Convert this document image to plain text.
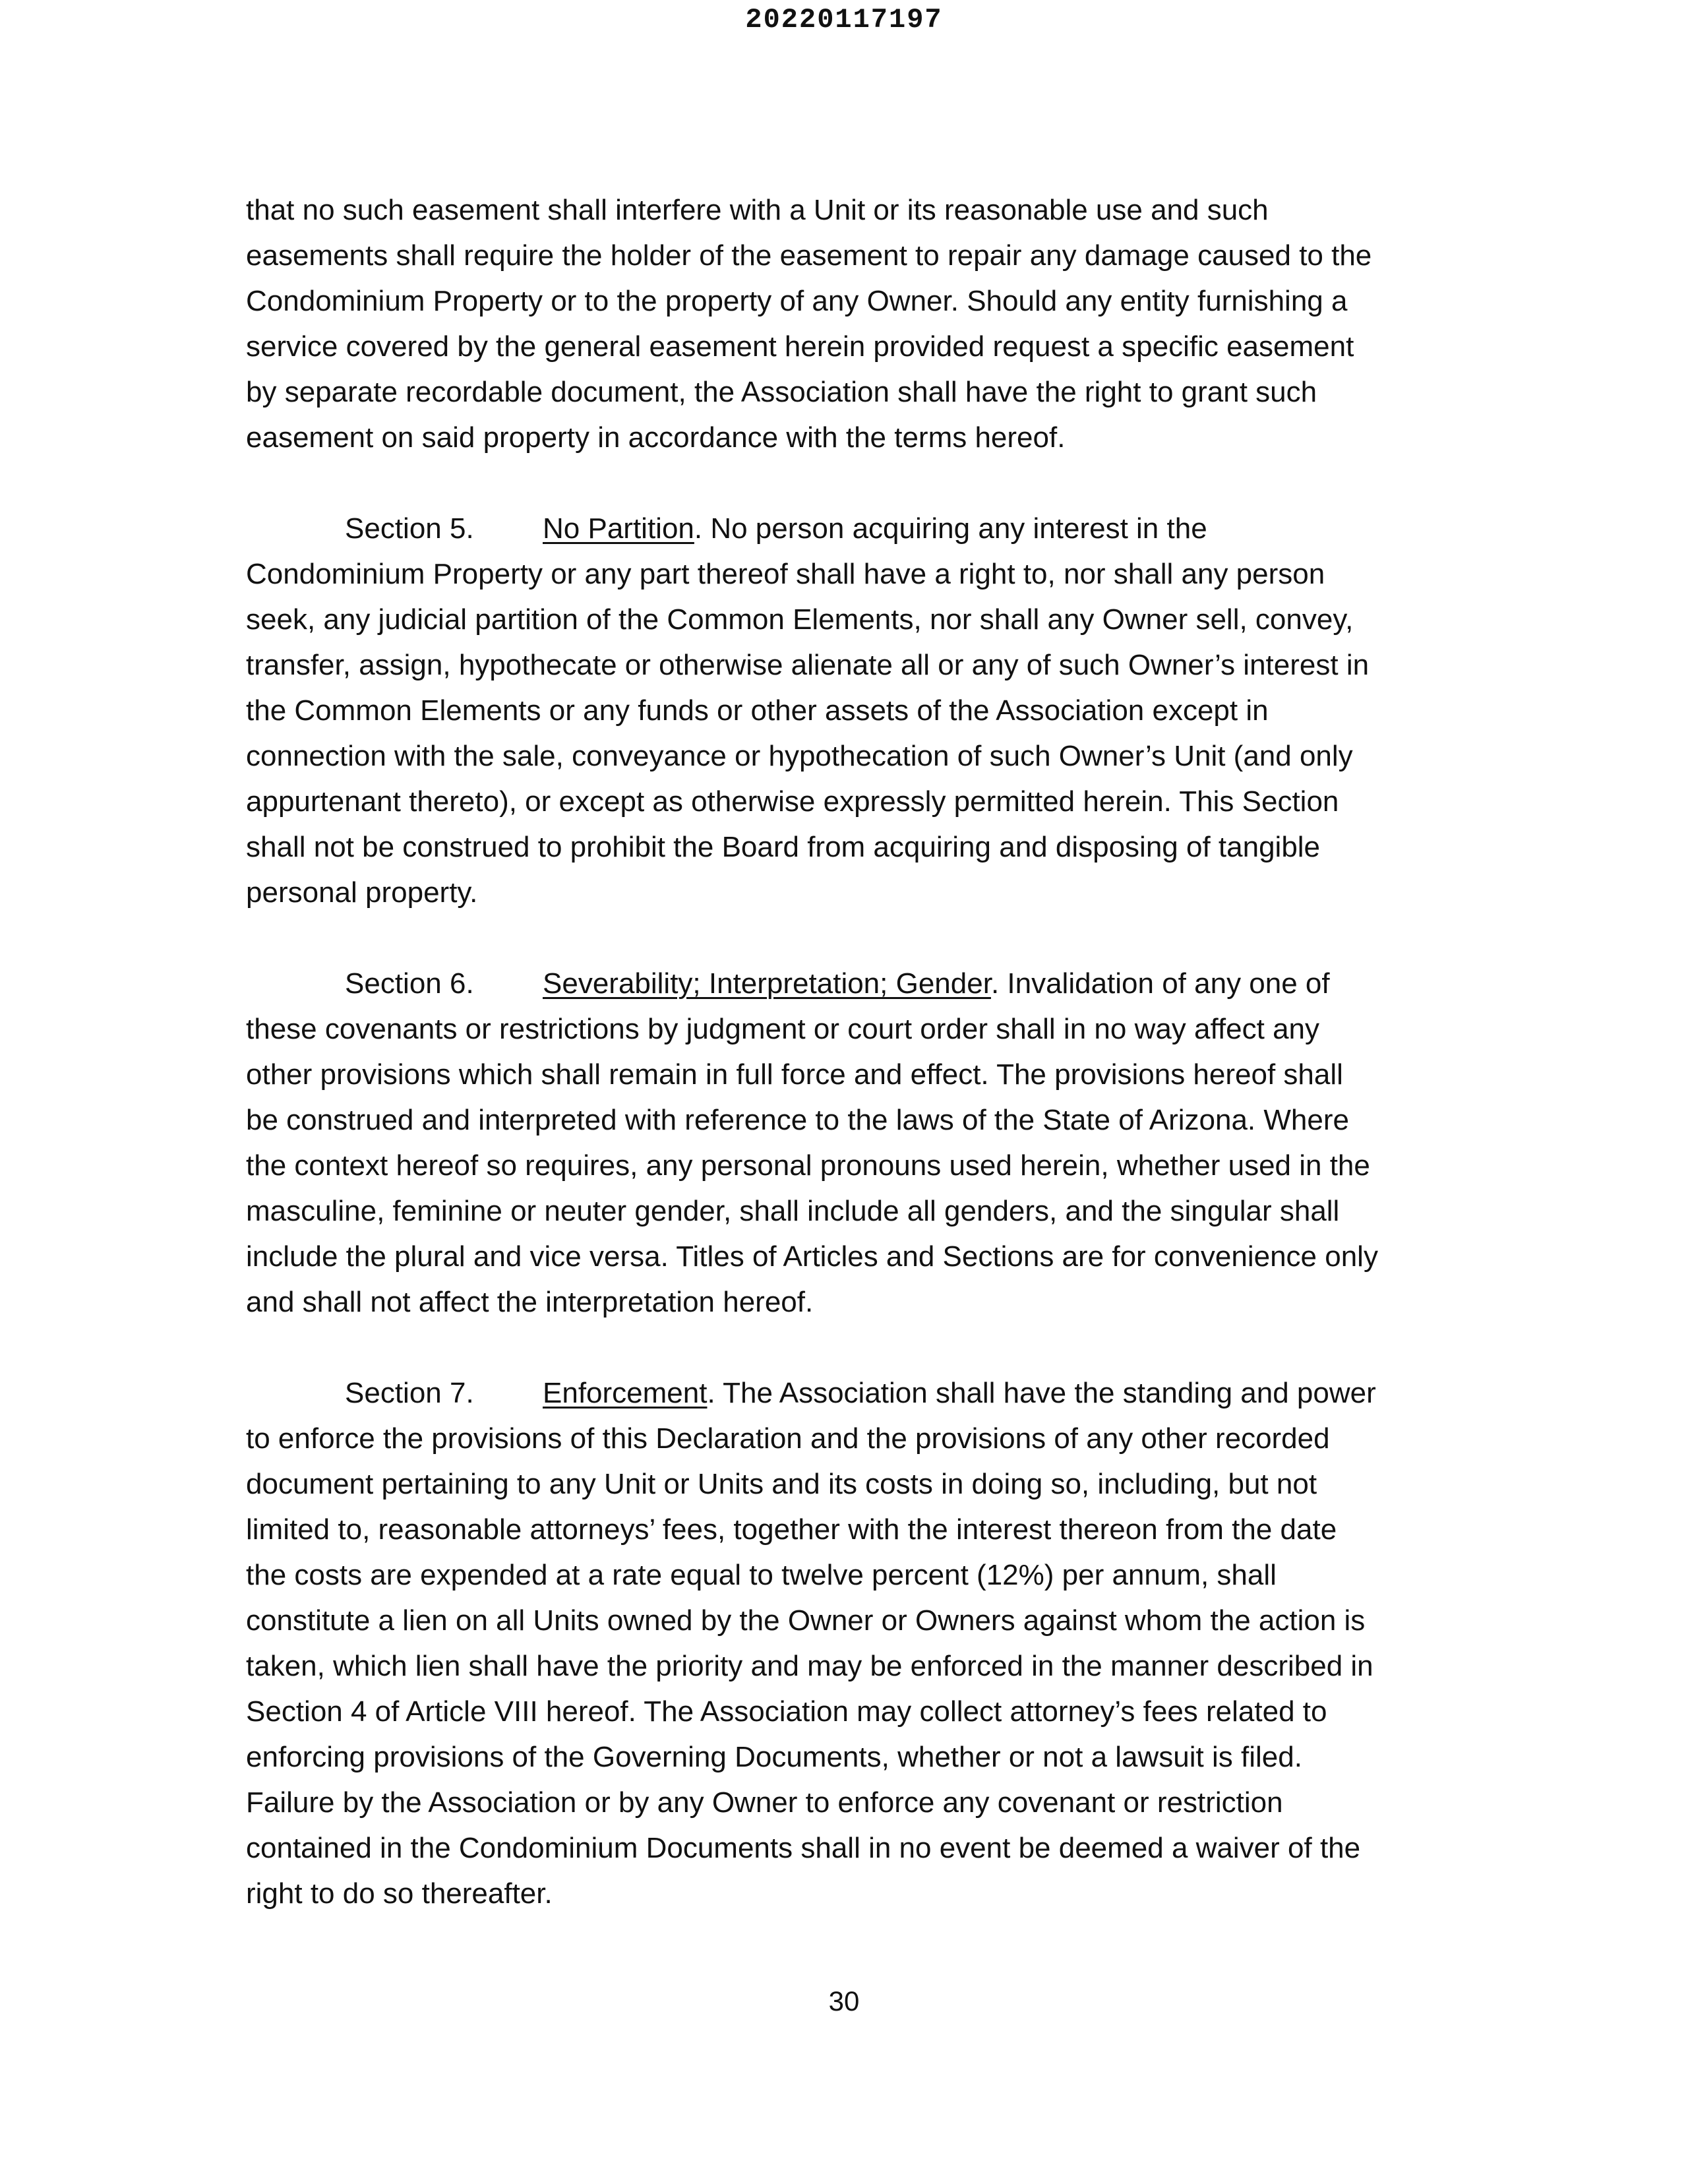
20220117197
that no such easement shall interfere with a Unit or its reasonable use and such
easements shall require the holder of the easement to repair any damage caused to the
Condominium Property or to the property of any Owner. Should any entity furnishing a
service covered by the general easement herein provided request a specific easement
by separate recordable document, the Association shall have the right to grant such
easement on said property in accordance with the terms hereof.
Section 5. No Partition. No person acquiring any interest in the
Condominium Property or any part thereof shall have a right to, nor shall any person
seek, any judicial partition of the Common Elements, nor shall any Owner sell, convey,
transfer, assign, hypothecate or otherwise alienate all or any of such Owner’s interest in
the Common Elements or any funds or other assets of the Association except in
connection with the sale, conveyance or hypothecation of such Owner’s Unit (and only
appurtenant thereto), or except as otherwise expressly permitted herein. This Section
shall not be construed to prohibit the Board from acquiring and disposing of tangible
personal property.
Section 6. Severability; Interpretation; Gender. Invalidation of any one of
these covenants or restrictions by judgment or court order shall in no way affect any
other provisions which shall remain in full force and effect. The provisions hereof shall
be construed and interpreted with reference to the laws of the State of Arizona. Where
the context hereof so requires, any personal pronouns used herein, whether used in the
masculine, feminine or neuter gender, shall include all genders, and the singular shall
include the plural and vice versa. Titles of Articles and Sections are for convenience only
and shall not affect the interpretation hereof.
Section 7. Enforcement. The Association shall have the standing and power
to enforce the provisions of this Declaration and the provisions of any other recorded
document pertaining to any Unit or Units and its costs in doing so, including, but not
limited to, reasonable attorneys’ fees, together with the interest thereon from the date
the costs are expended at a rate equal to twelve percent (12%) per annum, shall
constitute a lien on all Units owned by the Owner or Owners against whom the action is
taken, which lien shall have the priority and may be enforced in the manner described in
Section 4 of Article VIII hereof. The Association may collect attorney’s fees related to
enforcing provisions of the Governing Documents, whether or not a lawsuit is filed.
Failure by the Association or by any Owner to enforce any covenant or restriction
contained in the Condominium Documents shall in no event be deemed a waiver of the
right to do so thereafter.
30
